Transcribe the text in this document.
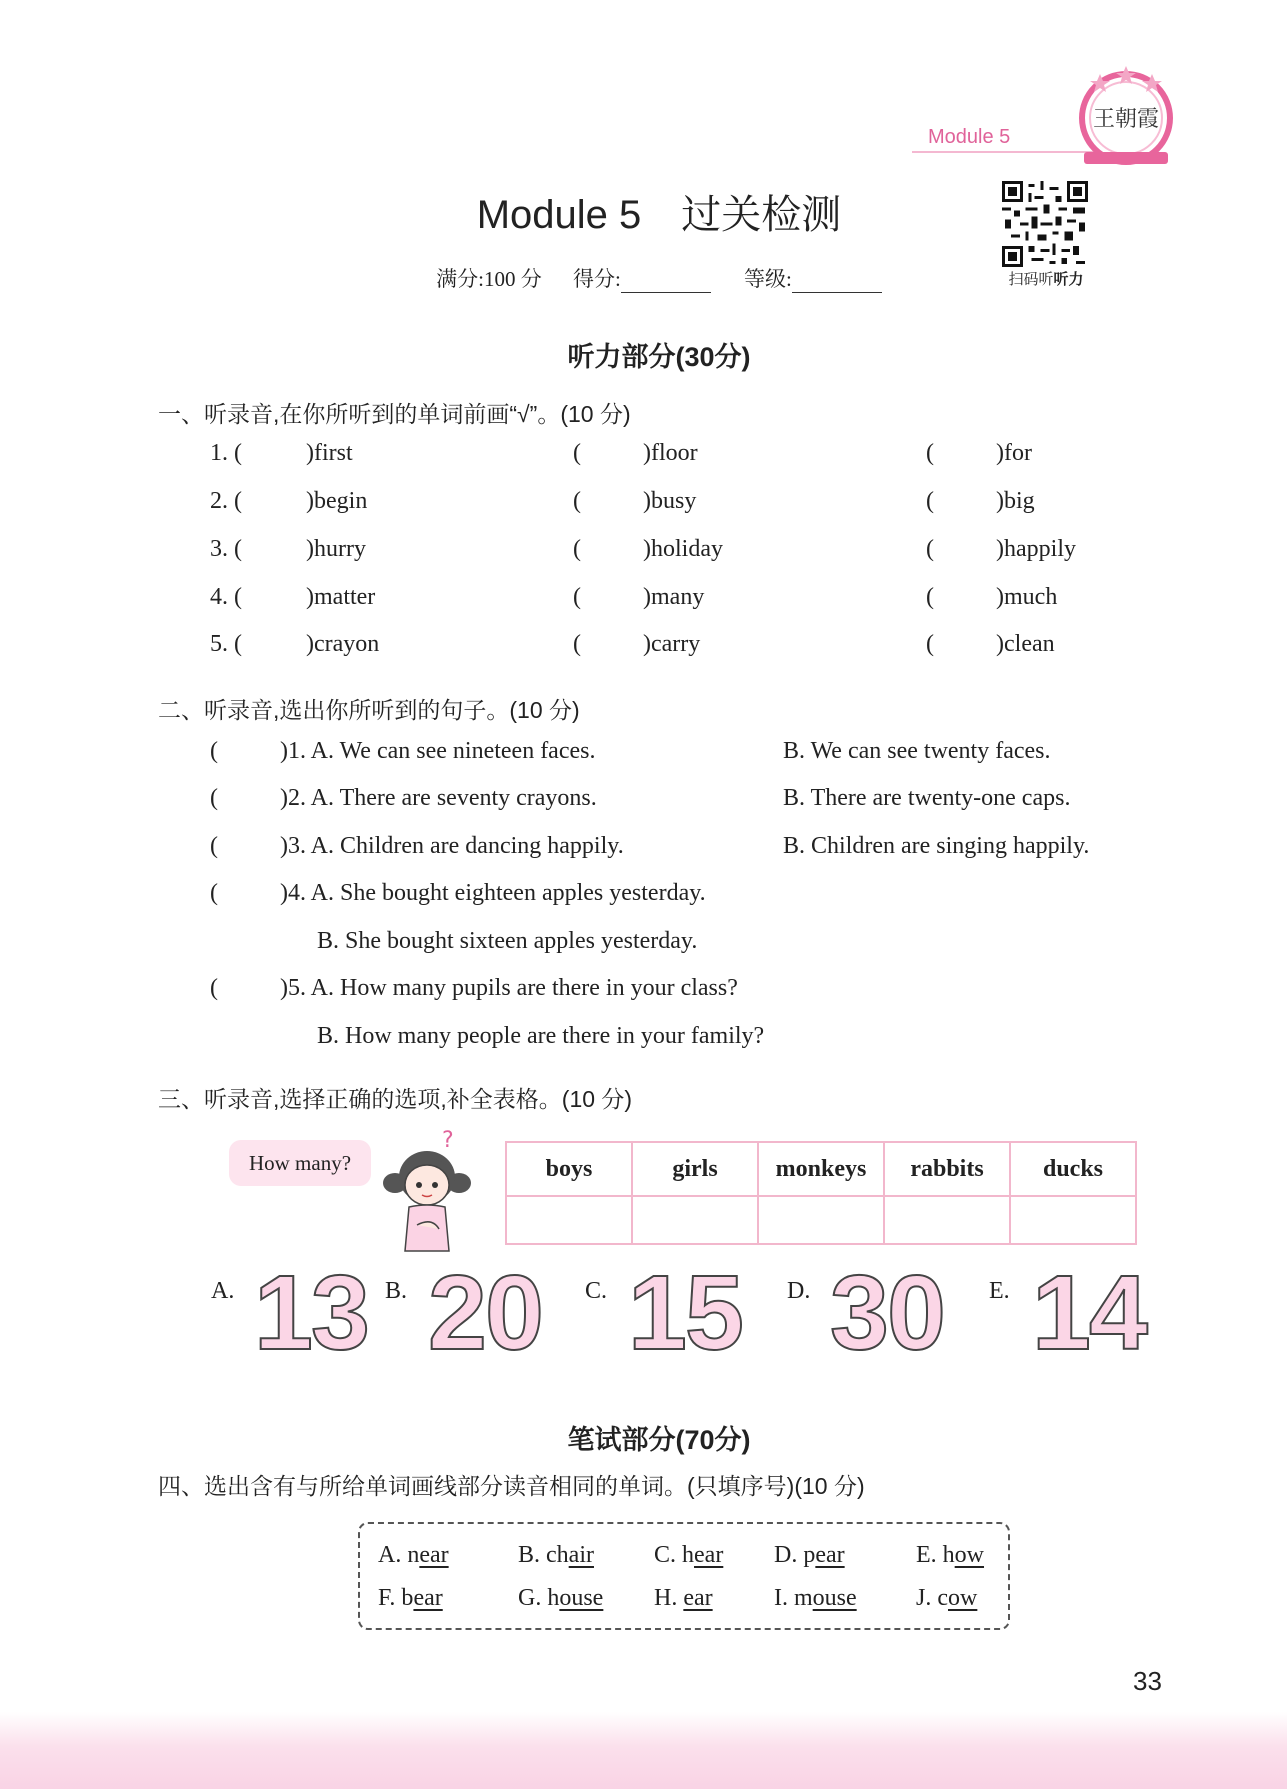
Module 5
王朝霞
Module 5　过关检测
扫码听听力
满分:100 分 得分:	等级:
听力部分(30分)
一、听录音,在你所听到的单词前画“√”。(10 分)
1. (	)first	(	)floor	(	)for
2. (	)begin	(	)busy	(	)big
3. (	)hurry	(	)holiday	(	)happily
4. (	)matter	(	)many	(	)much
5. (	)crayon	(	)carry	(	)clean
二、听录音,选出你所听到的句子。(10 分)
(	)1. A. We can see nineteen faces.	B. We can see twenty faces.
(	)2. A. There are seventy crayons.	B. There are twenty-one caps.
(	)3. A. Children are dancing happily.	B. Children are singing happily.
(	)4. A. She bought eighteen apples yesterday.
B. She bought sixteen apples yesterday.
(	)5. A. How many pupils are there in your class?
B. How many people are there in your family?
三、听录音,选择正确的选项,补全表格。(10 分)
How many?
?
boys	girls	monkeys	rabbits	ducks

A. 13 B. 20 C. 15 D. 30 E. 14
笔试部分(70分)
四、选出含有与所给单词画线部分读音相同的单词。(只填序号)(10 分)
A. near	B. chair	C. hear D. pear	E. how
F. bear	G. house H. ear	I. mouse J. cow
33
